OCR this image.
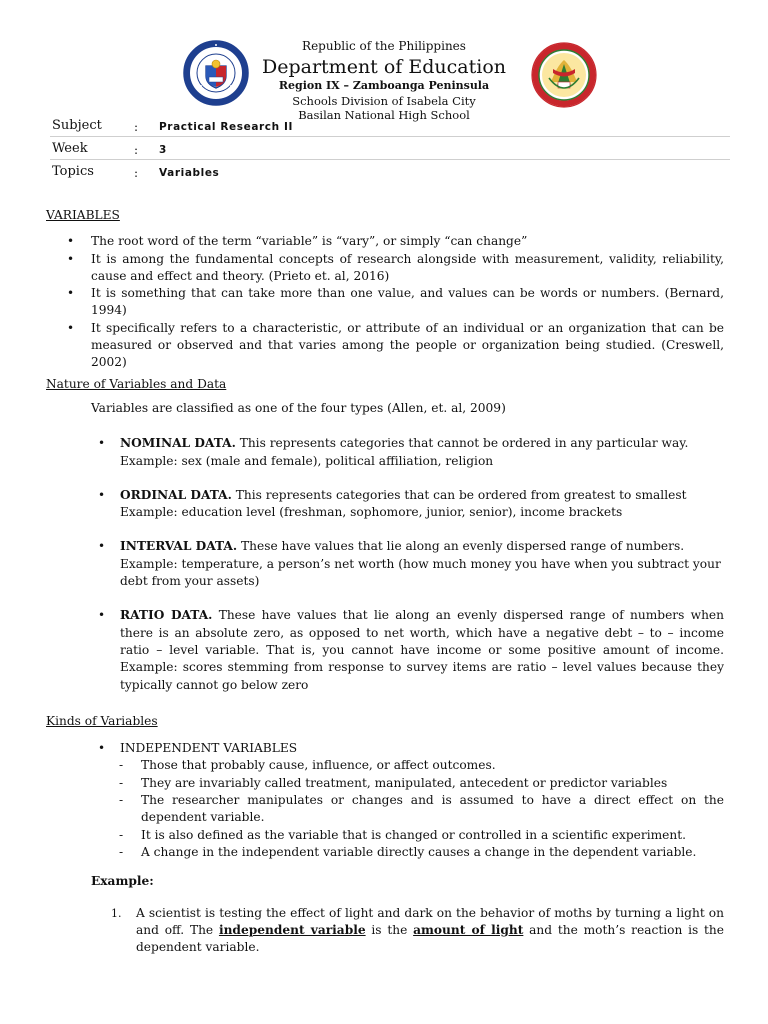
Republic of the Philippines
Department of Education
Region IX – Zamboanga Peninsula
Schools Division of Isabela City
Basilan National High School
Subject	: Practical Research II
Week	: 3
Topics	: Variables

VARIABLES

• The root word of the term “variable” is “vary”, or simply “can change”
• It is among the fundamental concepts of research alongside with measurement, validity, reliability, cause and effect and theory. (Prieto et. al, 2016)
• It is something that can take more than one value, and values can be words or numbers. (Bernard, 1994)
• It specifically refers to a characteristic, or attribute of an individual or an organization that can be measured or observed and that varies among the people or organization being studied. (Creswell, 2002)

Nature of Variables and Data

Variables are classified as one of the four types (Allen, et. al, 2009)

• NOMINAL DATA. This represents categories that cannot be ordered in any particular way.
Example: sex (male and female), political affiliation, religion
• ORDINAL DATA. This represents categories that can be ordered from greatest to smallest
Example: education level (freshman, sophomore, junior, senior), income brackets
• INTERVAL DATA. These have values that lie along an evenly dispersed range of numbers.
Example: temperature, a person’s net worth (how much money you have when you subtract your debt from your assets)
• RATIO DATA. These have values that lie along an evenly dispersed range of numbers when there is an absolute zero, as opposed to net worth, which have a negative debt – to – income ratio – level variable. That is, you cannot have income or some positive amount of income. Example: scores stemming from response to survey items are ratio – level values because they typically cannot go below zero

Kinds of Variables

• INDEPENDENT VARIABLES
- Those that probably cause, influence, or affect outcomes.
- They are invariably called treatment, manipulated, antecedent or predictor variables
- The researcher manipulates or changes and is assumed to have a direct effect on the dependent variable.
- It is also defined as the variable that is changed or controlled in a scientific experiment.
- A change in the independent variable directly causes a change in the dependent variable.

Example:

1. A scientist is testing the effect of light and dark on the behavior of moths by turning a light on and off. The independent variable is the amount of light and the moth’s reaction is the dependent variable.
